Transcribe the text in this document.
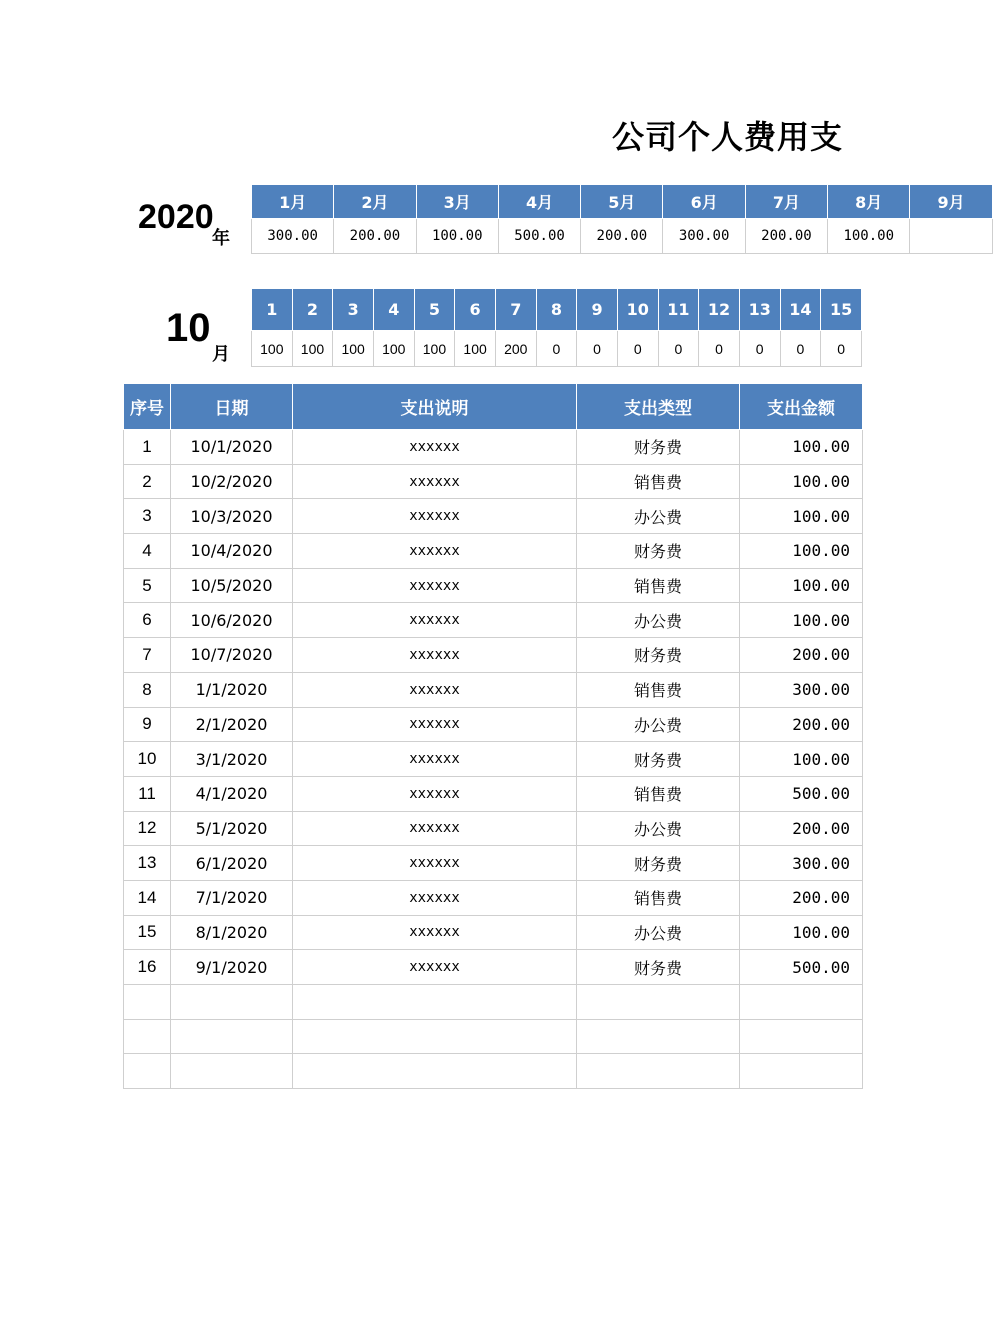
公司个人费用支
2020
年
1月	2月	3月	4月	5月	6月	7月	8月	9月
300.00	200.00	100.00	500.00	200.00	300.00	200.00	100.00	
10
月
1	2	3	4	5	6	7	8	9	10	11	12	13	14	15
100	100	100	100	100	100	200	0	0	0	0	0	0	0	0
序号	日期	支出说明	支出类型	支出金额
1	10/1/2020	xxxxxx	财务费	100.00
2	10/2/2020	xxxxxx	销售费	100.00
3	10/3/2020	xxxxxx	办公费	100.00
4	10/4/2020	xxxxxx	财务费	100.00
5	10/5/2020	xxxxxx	销售费	100.00
6	10/6/2020	xxxxxx	办公费	100.00
7	10/7/2020	xxxxxx	财务费	200.00
8	1/1/2020	xxxxxx	销售费	300.00
9	2/1/2020	xxxxxx	办公费	200.00
10	3/1/2020	xxxxxx	财务费	100.00
11	4/1/2020	xxxxxx	销售费	500.00
12	5/1/2020	xxxxxx	办公费	200.00
13	6/1/2020	xxxxxx	财务费	300.00
14	7/1/2020	xxxxxx	销售费	200.00
15	8/1/2020	xxxxxx	办公费	100.00
16	9/1/2020	xxxxxx	财务费	500.00
